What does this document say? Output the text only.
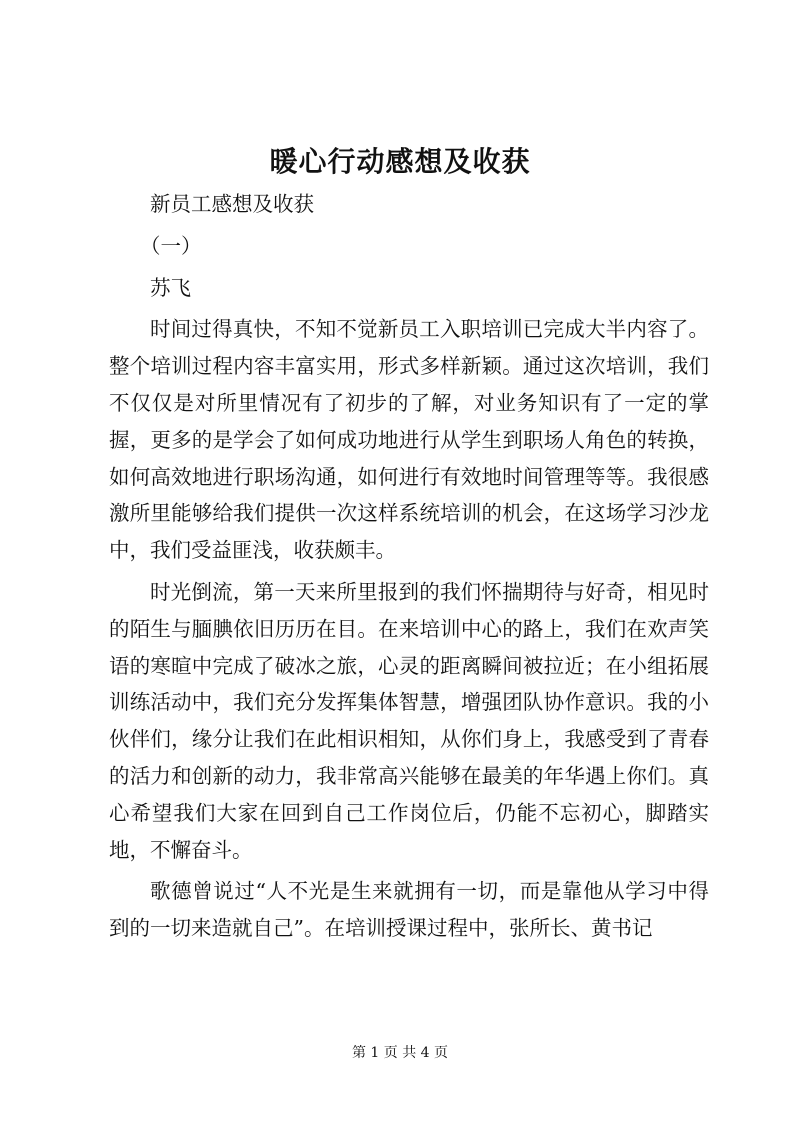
暖心行动感想及收获

新员工感想及收获

（一）

苏飞

时间过得真快，不知不觉新员工入职培训已完成大半内容了。整个培训过程内容丰富实用，形式多样新颖。通过这次培训，我们不仅仅是对所里情况有了初步的了解，对业务知识有了一定的掌握，更多的是学会了如何成功地进行从学生到职场人角色的转换，如何高效地进行职场沟通，如何进行有效地时间管理等等。我很感激所里能够给我们提供一次这样系统培训的机会，在这场学习沙龙中，我们受益匪浅，收获颇丰。

时光倒流，第一天来所里报到的我们怀揣期待与好奇，相见时的陌生与腼腆依旧历历在目。在来培训中心的路上，我们在欢声笑语的寒暄中完成了破冰之旅，心灵的距离瞬间被拉近；在小组拓展训练活动中，我们充分发挥集体智慧，增强团队协作意识。我的小伙伴们，缘分让我们在此相识相知，从你们身上，我感受到了青春的活力和创新的动力，我非常高兴能够在最美的年华遇上你们。真心希望我们大家在回到自己工作岗位后，仍能不忘初心，脚踏实地，不懈奋斗。

歌德曾说过“人不光是生来就拥有一切，而是靠他从学习中得到的一切来造就自己”。在培训授课过程中，张所长、黄书记

第 1 页 共 4 页
